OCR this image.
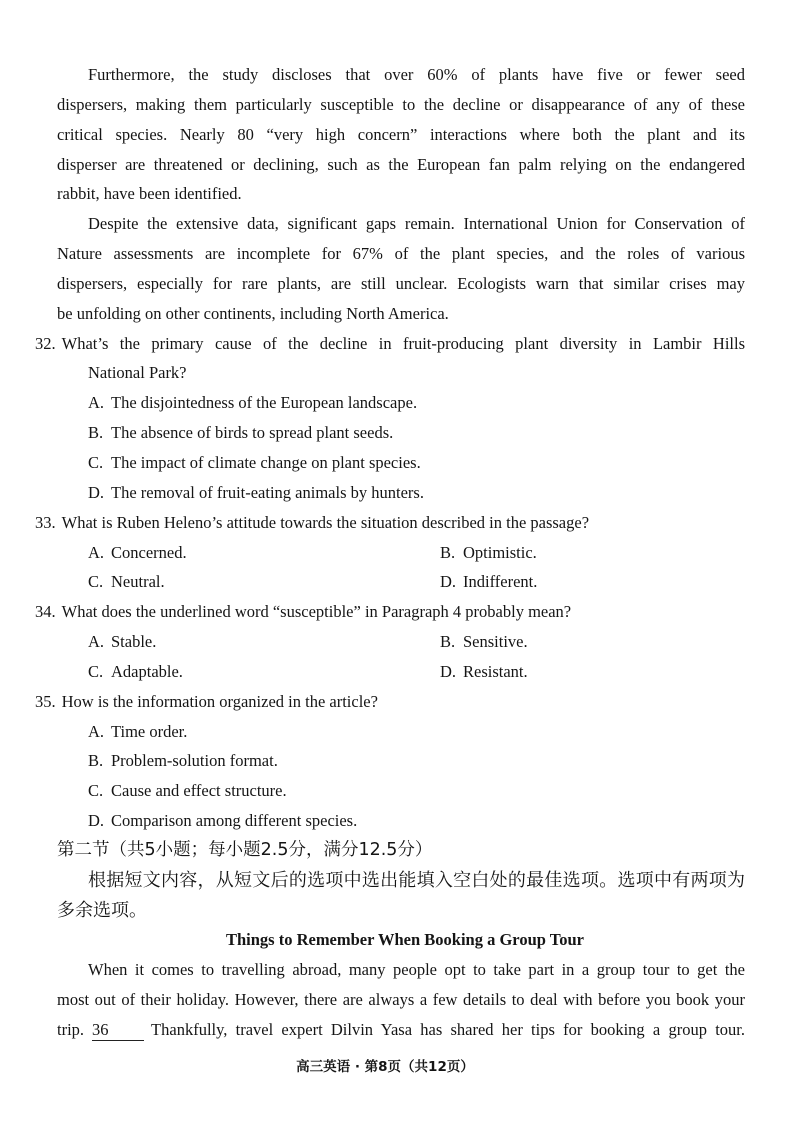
Furthermore, the study discloses that over 60% of plants have five or fewer seed
dispersers, making them particularly susceptible to the decline or disappearance of any of these
critical species. Nearly 80 “very high concern” interactions where both the plant and its
disperser are threatened or declining, such as the European fan palm relying on the endangered
rabbit, have been identified.
Despite the extensive data, significant gaps remain. International Union for Conservation of
Nature assessments are incomplete for 67% of the plant species, and the roles of various
dispersers, especially for rare plants, are still unclear. Ecologists warn that similar crises may
be unfolding on other continents, including North America.
32. What’s the primary cause of the decline in fruit-producing plant diversity in Lambir Hills
National Park?
A. The disjointedness of the European landscape.
B. The absence of birds to spread plant seeds.
C. The impact of climate change on plant species.
D. The removal of fruit-eating animals by hunters.
33. What is Ruben Heleno’s attitude towards the situation described in the passage?
A. Concerned.	B. Optimistic.
C. Neutral.	D. Indifferent.
34. What does the underlined word “susceptible” in Paragraph 4 probably mean?
A. Stable.	B. Sensitive.
C. Adaptable.	D. Resistant.
35. How is the information organized in the article?
A. Time order.
B. Problem-solution format.
C. Cause and effect structure.
D. Comparison among different species.
第二节（共5小题；每小题2.5分，满分12.5分）
根据短文内容，从短文后的选项中选出能填入空白处的最佳选项。选项中有两项为
多余选项。
Things to Remember When Booking a Group Tour
When it comes to travelling abroad, many people opt to take part in a group tour to get the
most out of their holiday. However, there are always a few details to deal with before you book your
trip. 36	Thankfully, travel expert Dilvin Yasa has shared her tips for booking a group tour.
高三英语 · 第8页（共12页）
